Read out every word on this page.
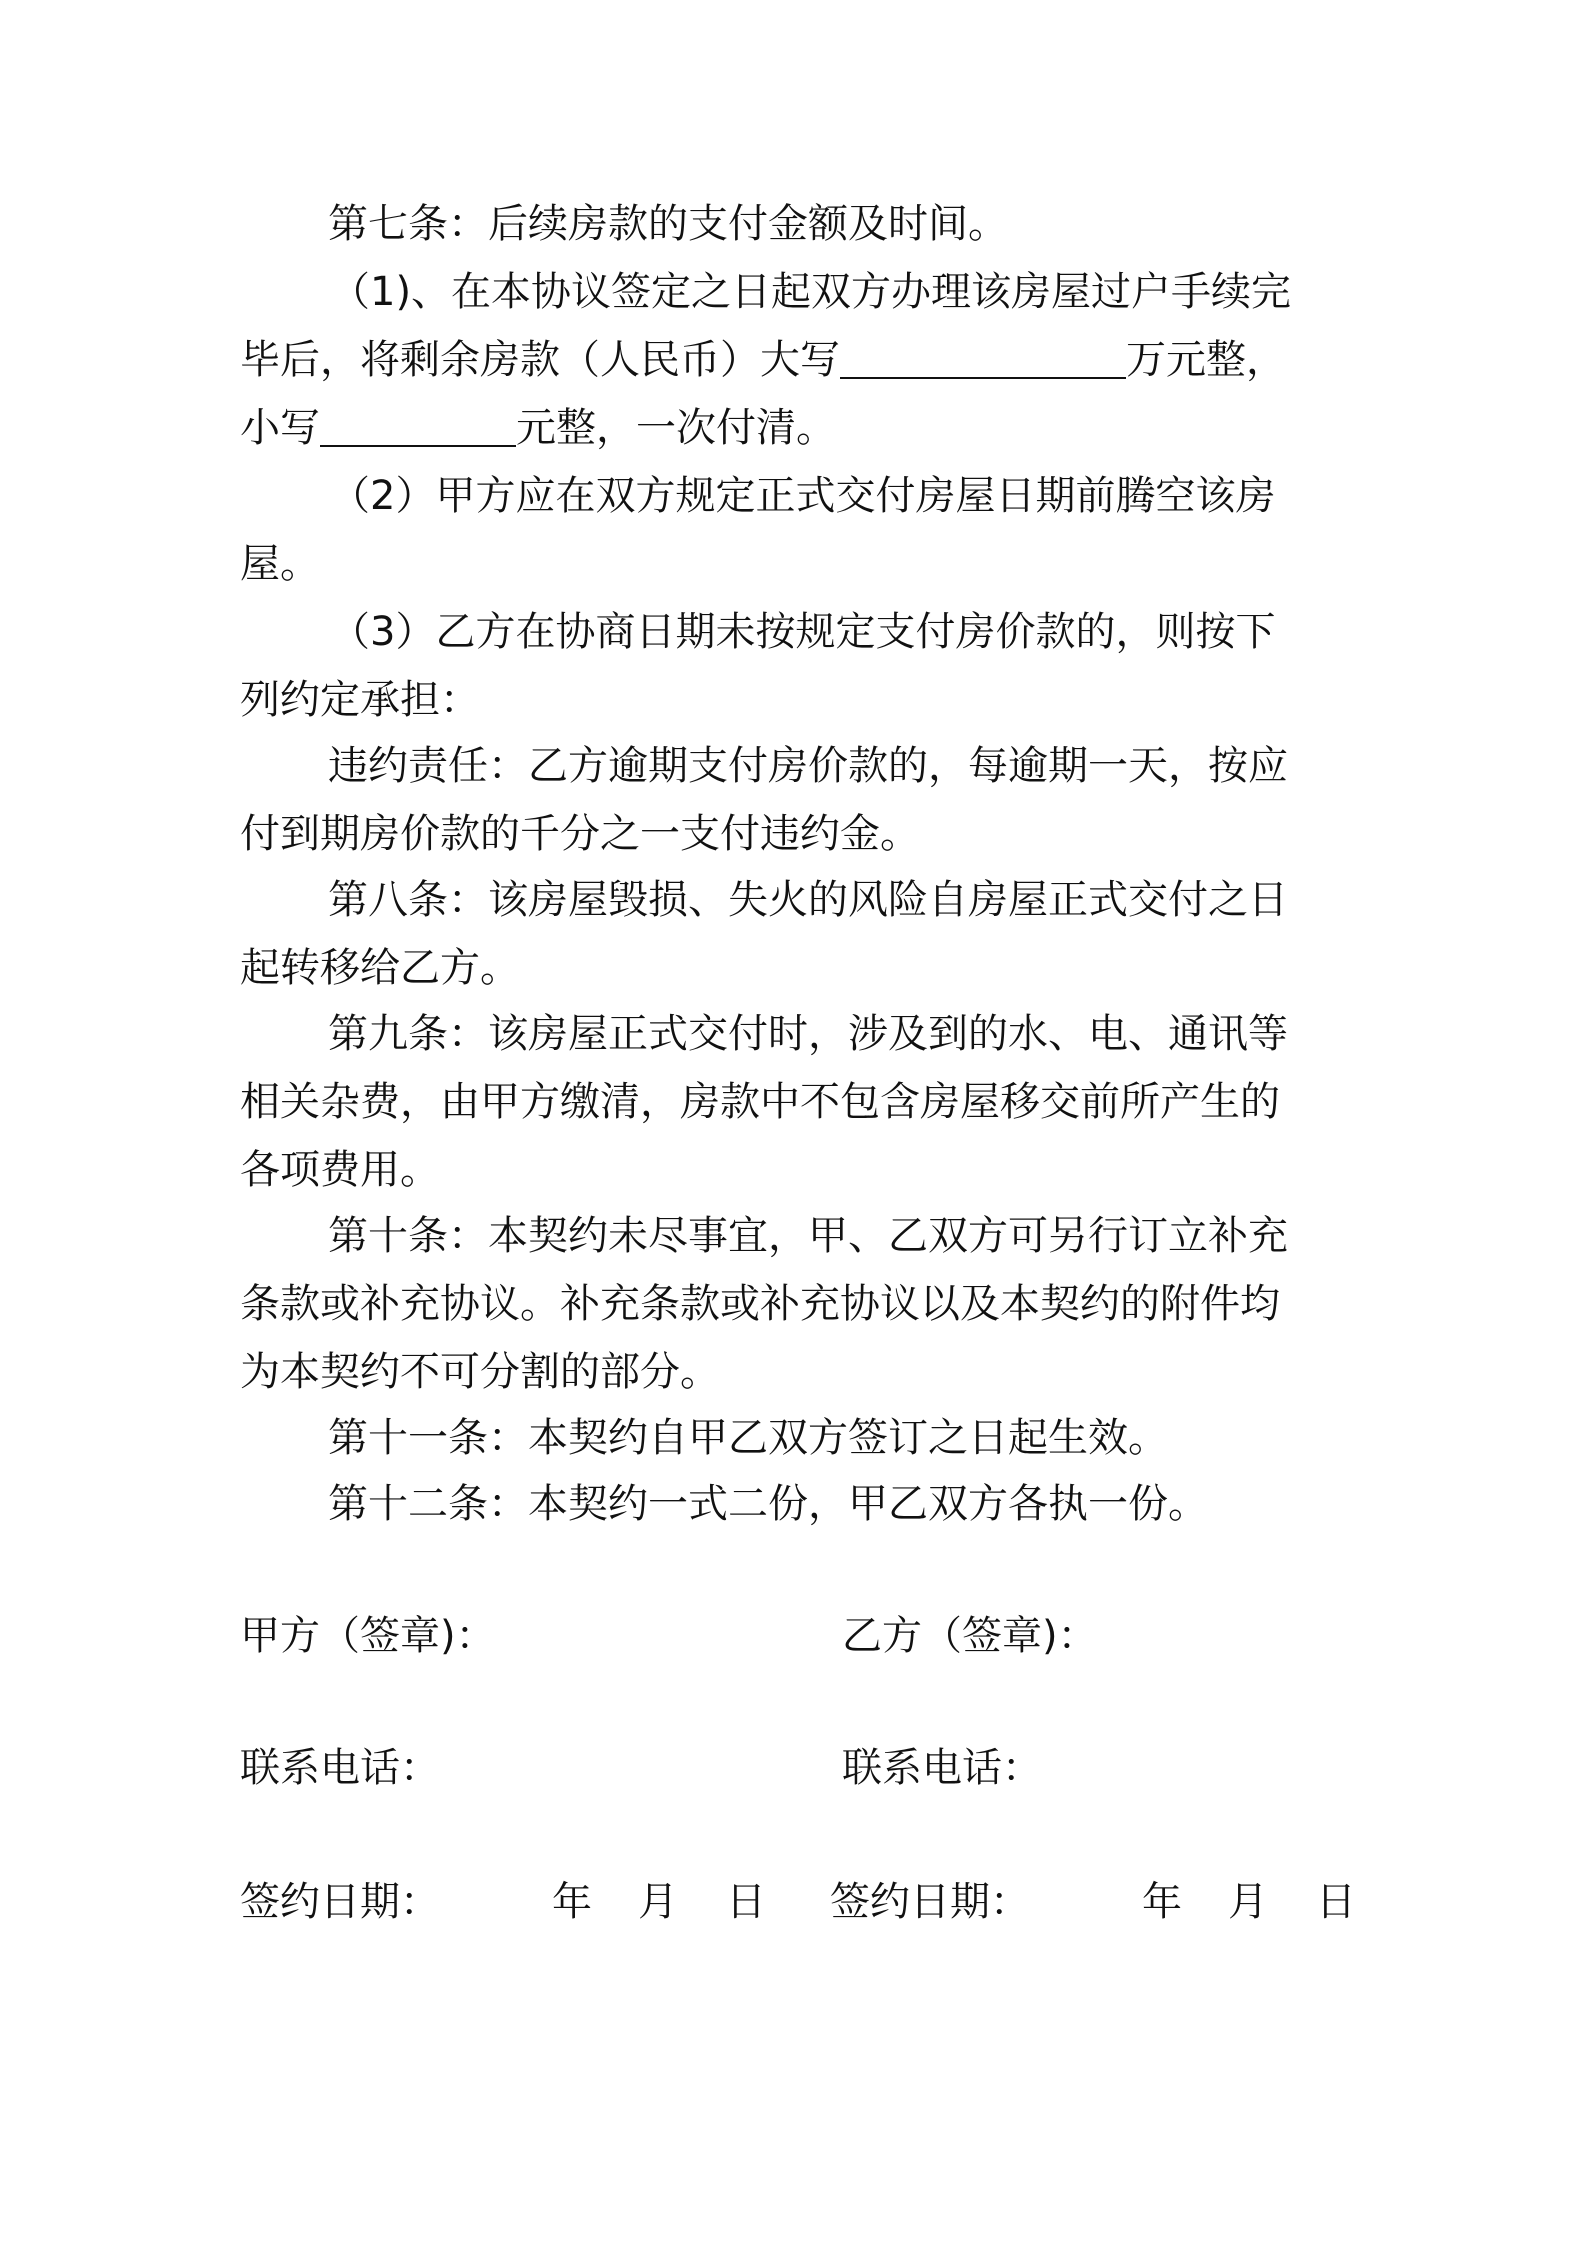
第七条：后续房款的支付金额及时间。
（1)、在本协议签定之日起双方办理该房屋过户手续完
毕后，将剩余房款（人民币）大写	万元整，
小写	元整，一次付清。
（2）甲方应在双方规定正式交付房屋日期前腾空该房
屋。
（3）乙方在协商日期未按规定支付房价款的，则按下
列约定承担：
违约责任：乙方逾期支付房价款的，每逾期一天，按应
付到期房价款的千分之一支付违约金。
第八条：该房屋毁损、失火的风险自房屋正式交付之日
起转移给乙方。
第九条：该房屋正式交付时，涉及到的水、电、通讯等
相关杂费，由甲方缴清，房款中不包含房屋移交前所产生的
各项费用。
第十条：本契约未尽事宜，甲、乙双方可另行订立补充
条款或补充协议。补充条款或补充协议以及本契约的附件均
为本契约不可分割的部分。
第十一条：本契约自甲乙双方签订之日起生效。
第十二条：本契约一式二份，甲乙双方各执一份。
甲方（签章)：	乙方（签章)：
联系电话：	联系电话：
签约日期：	年 月 日 签约日期：	年 月 日
